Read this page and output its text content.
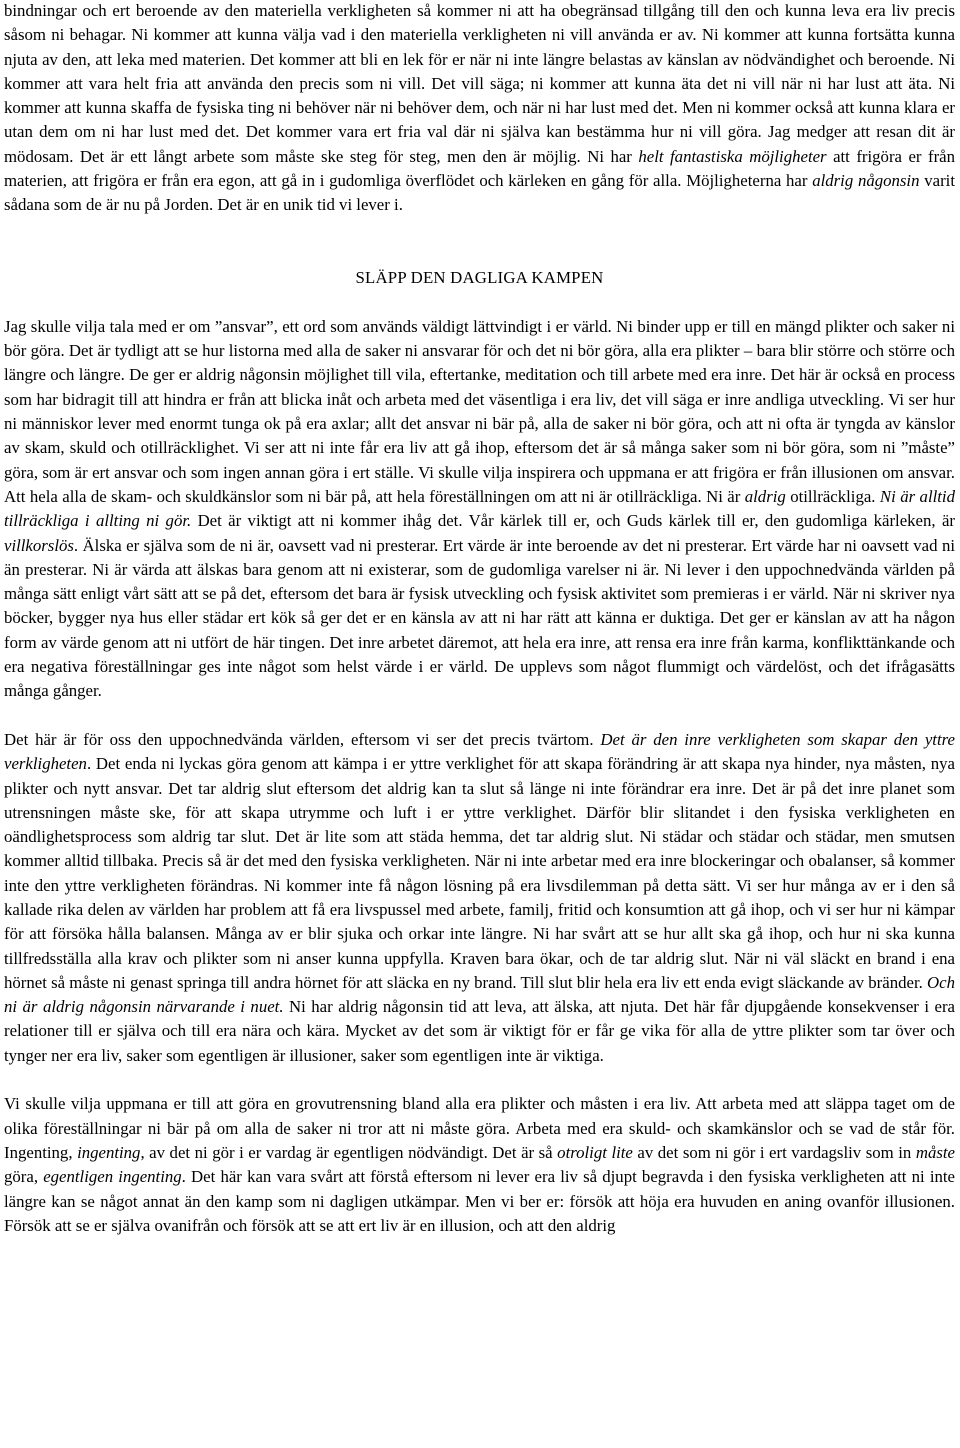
bindningar och ert beroende av den materiella verkligheten så kommer ni att ha obegränsad tillgång till den och kunna leva era liv precis såsom ni behagar. Ni kommer att kunna välja vad i den materiella verkligheten ni vill använda er av. Ni kommer att kunna fortsätta kunna njuta av den, att leka med materien. Det kommer att bli en lek för er när ni inte längre belastas av känslan av nödvändighet och beroende. Ni kommer att vara helt fria att använda den precis som ni vill. Det vill säga; ni kommer att kunna äta det ni vill när ni har lust att äta. Ni kommer att kunna skaffa de fysiska ting ni behöver när ni behöver dem, och när ni har lust med det. Men ni kommer också att kunna klara er utan dem om ni har lust med det. Det kommer vara ert fria val där ni själva kan bestämma hur ni vill göra. Jag medger att resan dit är mödosam. Det är ett långt arbete som måste ske steg för steg, men den är möjlig. Ni har helt fantastiska möjligheter att frigöra er från materien, att frigöra er från era egon, att gå in i gudomliga överflödet och kärleken en gång för alla. Möjligheterna har aldrig någonsin varit sådana som de är nu på Jorden. Det är en unik tid vi lever i.

SLÄPP DEN DAGLIGA KAMPEN

Jag skulle vilja tala med er om ”ansvar”, ett ord som används väldigt lättvindigt i er värld. Ni binder upp er till en mängd plikter och saker ni bör göra. Det är tydligt att se hur listorna med alla de saker ni ansvarar för och det ni bör göra, alla era plikter – bara blir större och större och längre och längre. De ger er aldrig någonsin möjlighet till vila, eftertanke, meditation och till arbete med era inre. Det här är också en process som har bidragit till att hindra er från att blicka inåt och arbeta med det väsentliga i era liv, det vill säga er inre andliga utveckling. Vi ser hur ni människor lever med enormt tunga ok på era axlar; allt det ansvar ni bär på, alla de saker ni bör göra, och att ni ofta är tyngda av känslor av skam, skuld och otillräcklighet. Vi ser att ni inte får era liv att gå ihop, eftersom det är så många saker som ni bör göra, som ni ”måste” göra, som är ert ansvar och som ingen annan göra i ert ställe. Vi skulle vilja inspirera och uppmana er att frigöra er från illusionen om ansvar. Att hela alla de skam- och skuldkänslor som ni bär på, att hela föreställningen om att ni är otillräckliga. Ni är aldrig otillräckliga. Ni är alltid tillräckliga i allting ni gör. Det är viktigt att ni kommer ihåg det. Vår kärlek till er, och Guds kärlek till er, den gudomliga kärleken, är villkorslös. Älska er själva som de ni är, oavsett vad ni presterar. Ert värde är inte beroende av det ni presterar. Ert värde har ni oavsett vad ni än presterar. Ni är värda att älskas bara genom att ni existerar, som de gudomliga varelser ni är. Ni lever i den uppochnedvända världen på många sätt enligt vårt sätt att se på det, eftersom det bara är fysisk utveckling och fysisk aktivitet som premieras i er värld. När ni skriver nya böcker, bygger nya hus eller städar ert kök så ger det er en känsla av att ni har rätt att känna er duktiga. Det ger er känslan av att ha någon form av värde genom att ni utfört de här tingen. Det inre arbetet däremot, att hela era inre, att rensa era inre från karma, konflikttänkande och era negativa föreställningar ges inte något som helst värde i er värld. De upplevs som något flummigt och värdelöst, och det ifrågasätts många gånger.

Det här är för oss den uppochnedvända världen, eftersom vi ser det precis tvärtom. Det är den inre verkligheten som skapar den yttre verkligheten. Det enda ni lyckas göra genom att kämpa i er yttre verklighet för att skapa förändring är att skapa nya hinder, nya måsten, nya plikter och nytt ansvar. Det tar aldrig slut eftersom det aldrig kan ta slut så länge ni inte förändrar era inre. Det är på det inre planet som utrensningen måste ske, för att skapa utrymme och luft i er yttre verklighet. Därför blir slitandet i den fysiska verkligheten en oändlighetsprocess som aldrig tar slut. Det är lite som att städa hemma, det tar aldrig slut. Ni städar och städar och städar, men smutsen kommer alltid tillbaka. Precis så är det med den fysiska verkligheten. När ni inte arbetar med era inre blockeringar och obalanser, så kommer inte den yttre verkligheten förändras. Ni kommer inte få någon lösning på era livsdilemman på detta sätt. Vi ser hur många av er i den så kallade rika delen av världen har problem att få era livspussel med arbete, familj, fritid och konsumtion att gå ihop, och vi ser hur ni kämpar för att försöka hålla balansen. Många av er blir sjuka och orkar inte längre. Ni har svårt att se hur allt ska gå ihop, och hur ni ska kunna tillfredsställa alla krav och plikter som ni anser kunna uppfylla. Kraven bara ökar, och de tar aldrig slut. När ni väl släckt en brand i ena hörnet så måste ni genast springa till andra hörnet för att släcka en ny brand. Till slut blir hela era liv ett enda evigt släckande av bränder. Och ni är aldrig någonsin närvarande i nuet. Ni har aldrig någonsin tid att leva, att älska, att njuta. Det här får djupgående konsekvenser i era relationer till er själva och till era nära och kära. Mycket av det som är viktigt för er får ge vika för alla de yttre plikter som tar över och tynger ner era liv, saker som egentligen är illusioner, saker som egentligen inte är viktiga.

Vi skulle vilja uppmana er till att göra en grovutrensning bland alla era plikter och måsten i era liv. Att arbeta med att släppa taget om de olika föreställningar ni bär på om alla de saker ni tror att ni måste göra. Arbeta med era skuld- och skamkänslor och se vad de står för. Ingenting, ingenting, av det ni gör i er vardag är egentligen nödvändigt. Det är så otroligt lite av det som ni gör i ert vardagsliv som in måste göra, egentligen ingenting. Det här kan vara svårt att förstå eftersom ni lever era liv så djupt begravda i den fysiska verkligheten att ni inte längre kan se något annat än den kamp som ni dagligen utkämpar. Men vi ber er: försök att höja era huvuden en aning ovanför illusionen. Försök att se er själva ovanifrån och försök att se att ert liv är en illusion, och att den aldrig
